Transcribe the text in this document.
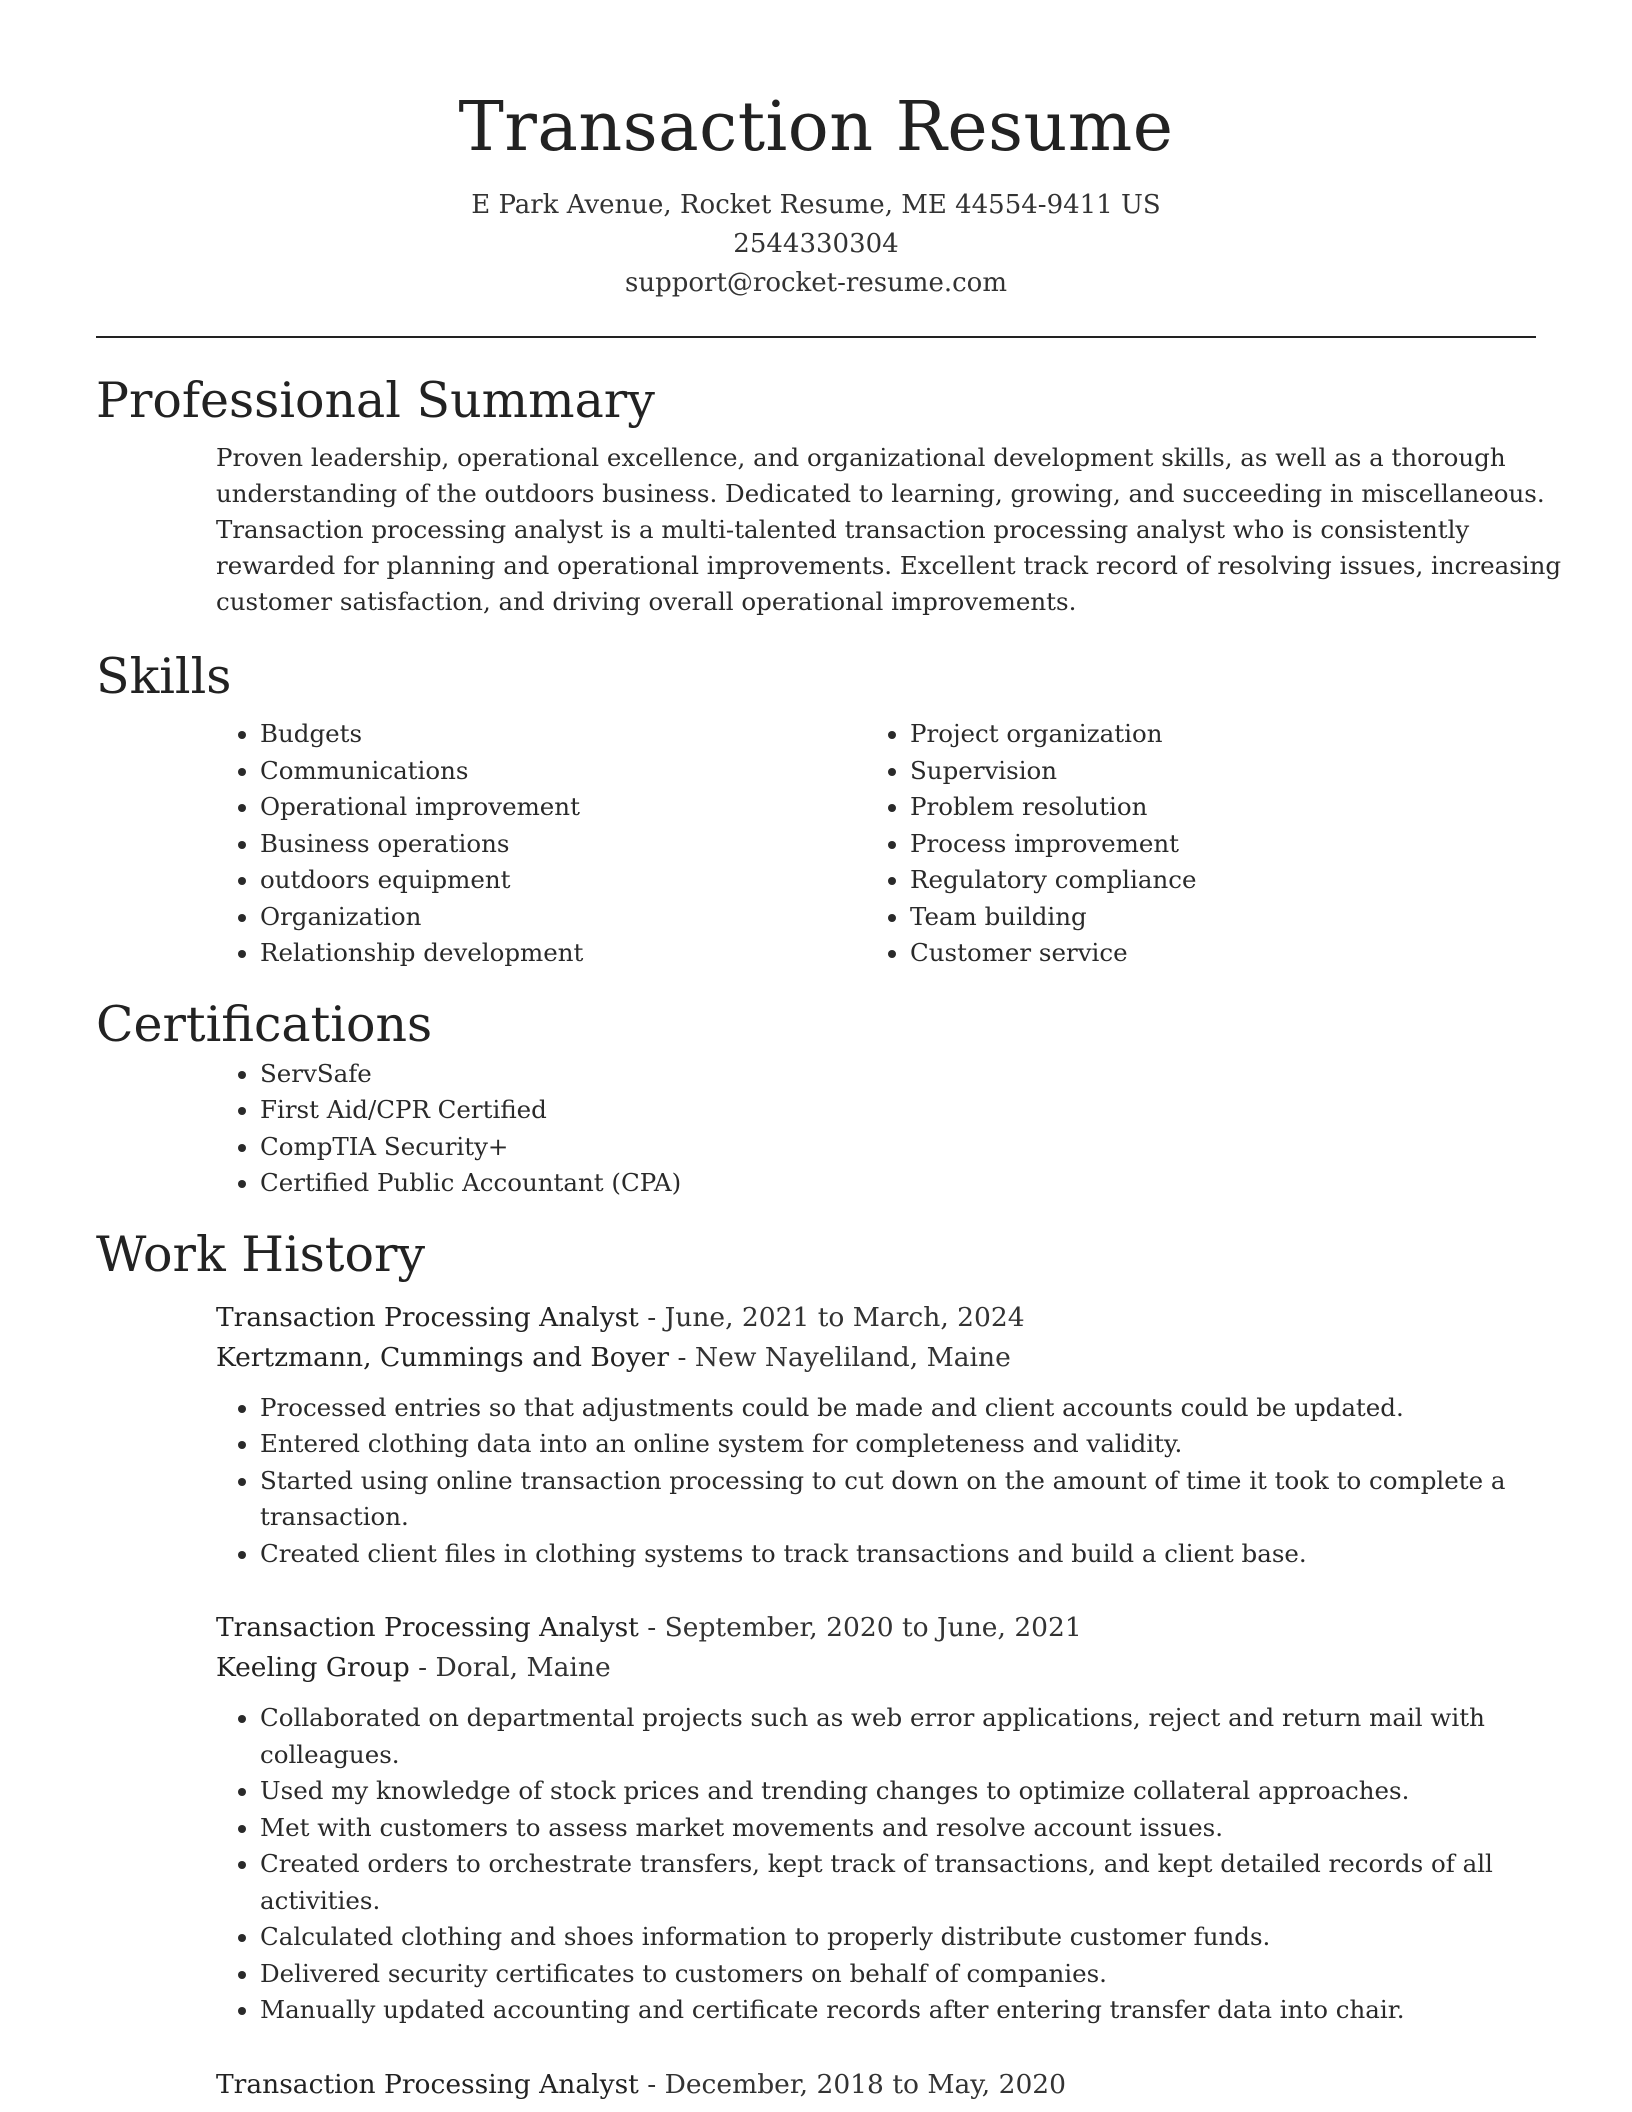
Transaction Resume
E Park Avenue, Rocket Resume, ME 44554-9411 US
2544330304
support@rocket-resume.com
Professional Summary

Proven leadership, operational excellence, and organizational development skills, as well as a thorough understanding of the outdoors business. Dedicated to learning, growing, and succeeding in miscellaneous. Transaction processing analyst is a multi-talented transaction processing analyst who is consistently rewarded for planning and operational improvements. Excellent track record of resolving issues, increasing customer satisfaction, and driving overall operational improvements.

Skills
• Budgets
• Communications
• Operational improvement
• Business operations
• outdoors equipment
• Organization
• Relationship development
• Project organization
• Supervision
• Problem resolution
• Process improvement
• Regulatory compliance
• Team building
• Customer service
Certifications
• ServSafe
• First Aid/CPR Certified
• CompTIA Security+
• Certified Public Accountant (CPA)
Work History
Transaction Processing Analyst - June, 2021 to March, 2024
Kertzmann, Cummings and Boyer - New Nayeliland, Maine
• Processed entries so that adjustments could be made and client accounts could be updated.
• Entered clothing data into an online system for completeness and validity.
• Started using online transaction processing to cut down on the amount of time it took to complete a transaction.
• Created client files in clothing systems to track transactions and build a client base.
Transaction Processing Analyst - September, 2020 to June, 2021
Keeling Group - Doral, Maine
• Collaborated on departmental projects such as web error applications, reject and return mail with colleagues.
• Used my knowledge of stock prices and trending changes to optimize collateral approaches.
• Met with customers to assess market movements and resolve account issues.
• Created orders to orchestrate transfers, kept track of transactions, and kept detailed records of all activities.
• Calculated clothing and shoes information to properly distribute customer funds.
• Delivered security certificates to customers on behalf of companies.
• Manually updated accounting and certificate records after entering transfer data into chair.
Transaction Processing Analyst - December, 2018 to May, 2020
